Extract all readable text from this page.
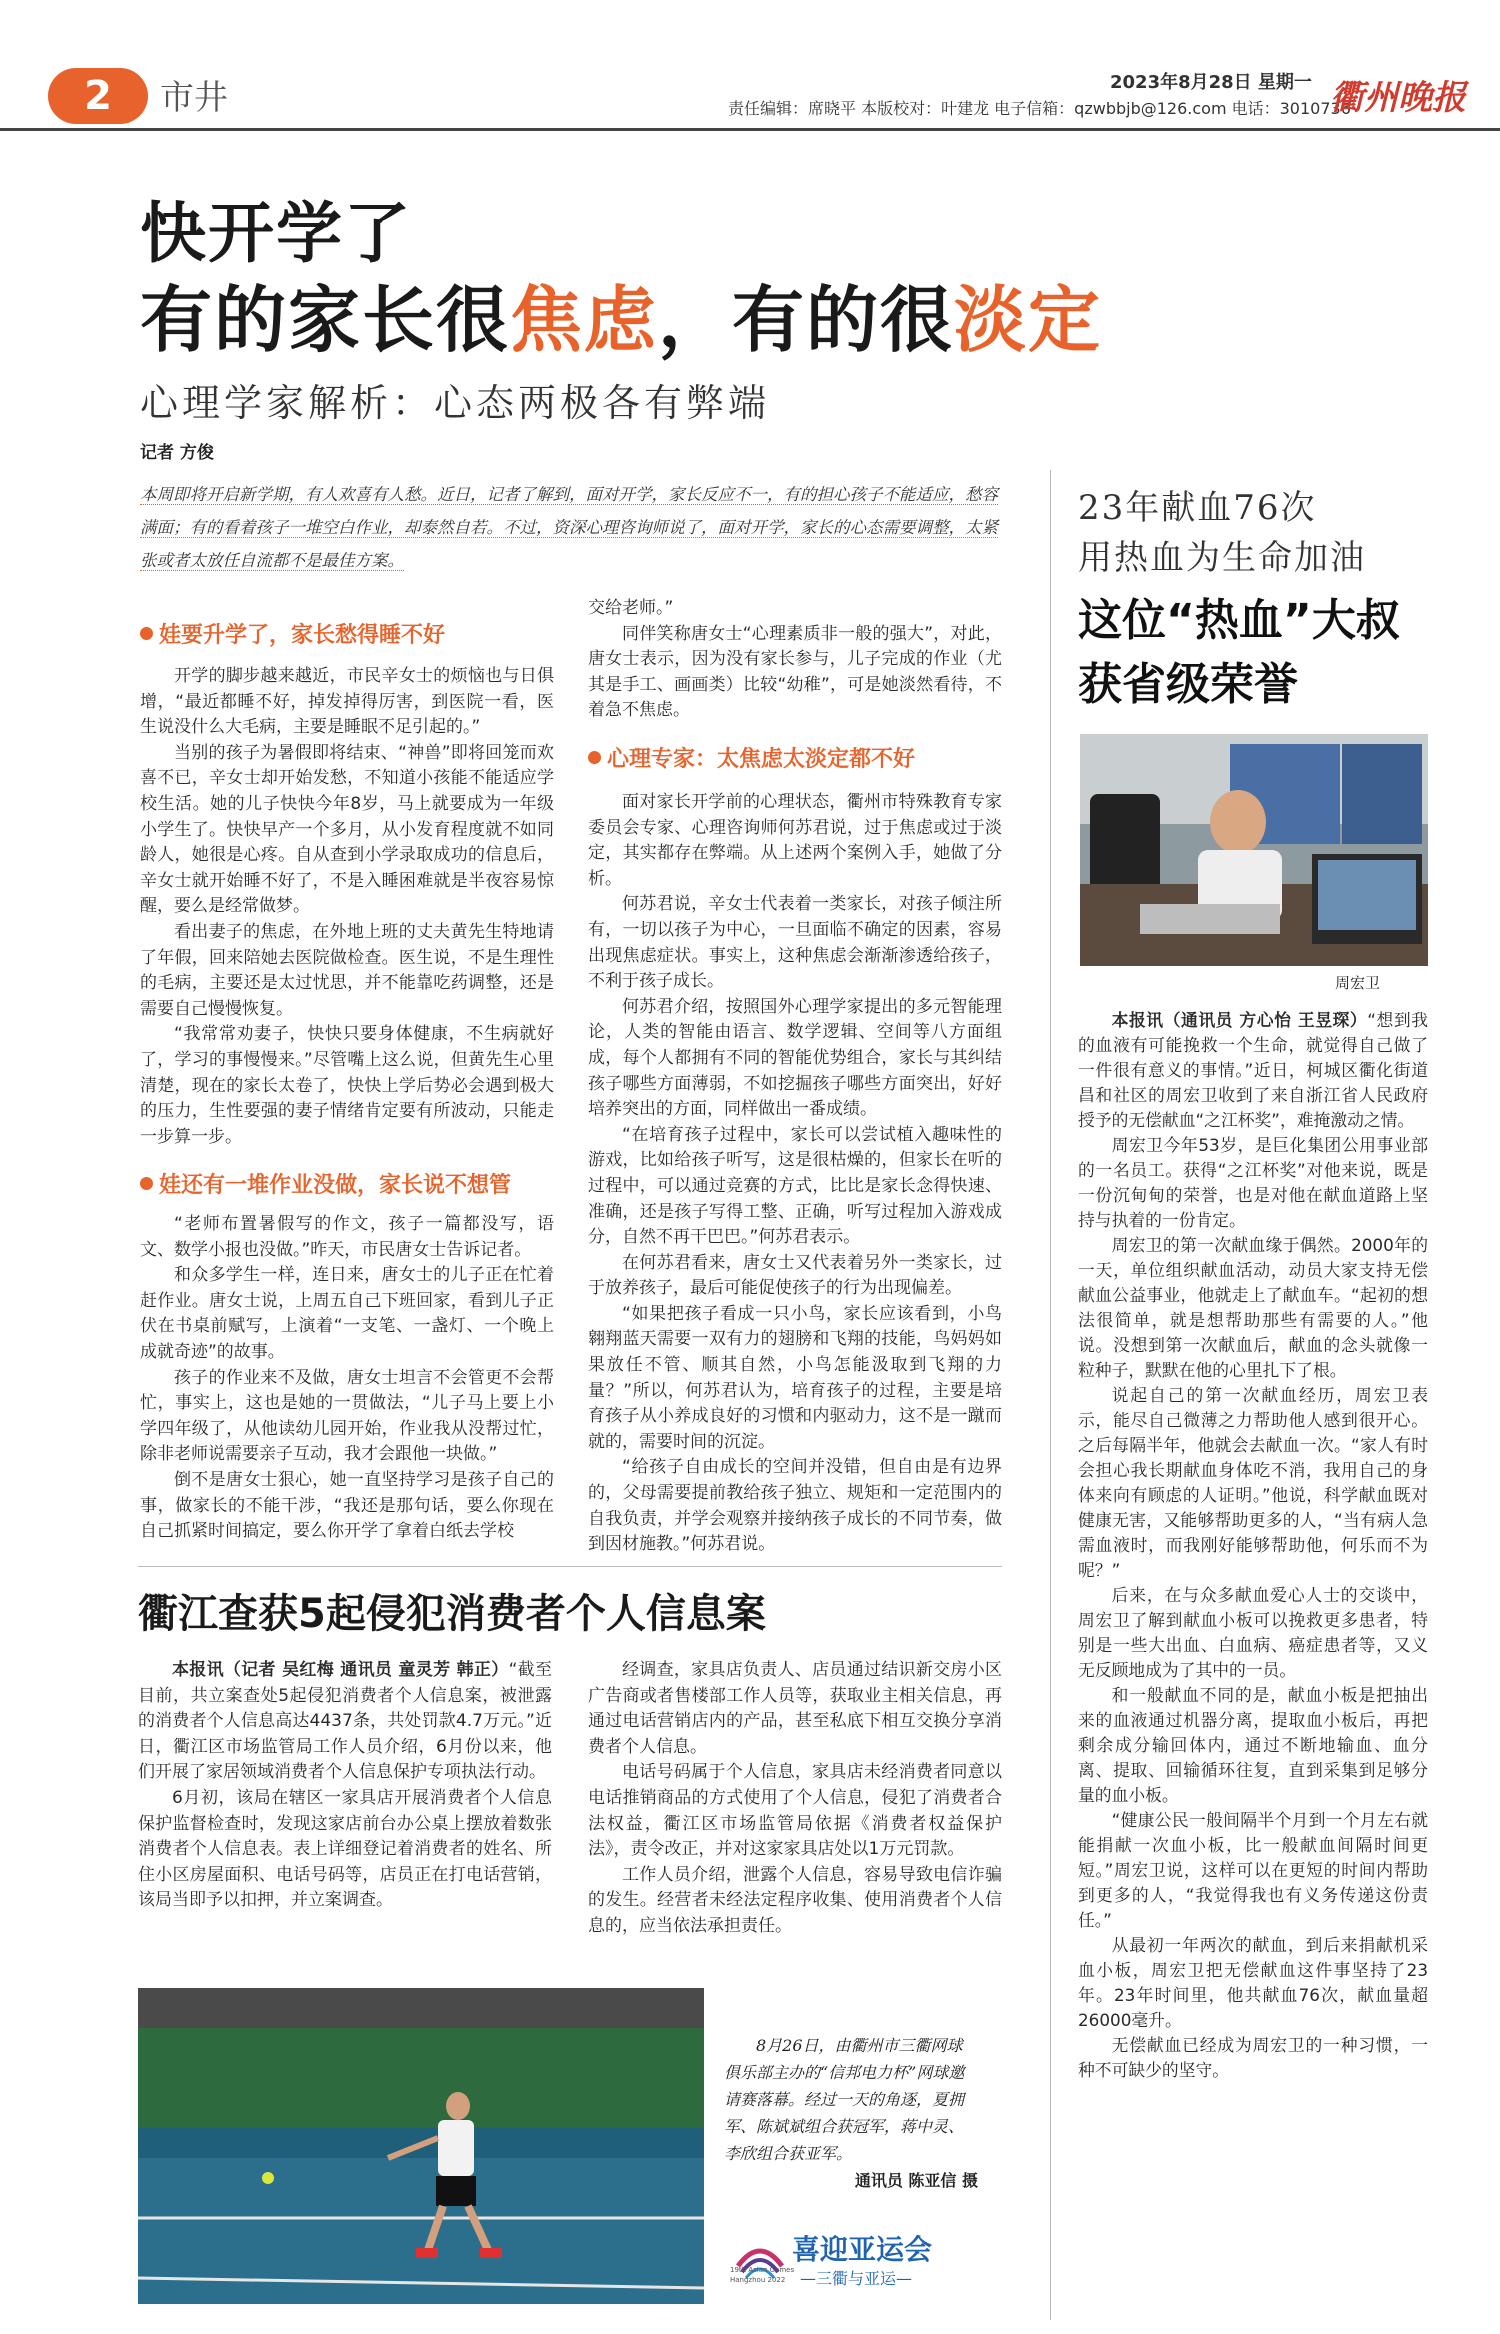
2	市井	2023年8月28日 星期一
责任编辑：席晓平 本版校对：叶建龙 电子信箱：qzwbbjb@126.com 电话：3010736
衢州晚报
快开学了
有的家长很焦虑，有的很淡定
心理学家解析：心态两极各有弊端
记者 方俊
本周即将开启新学期，有人欢喜有人愁。近日，记者了解到，面对开学，家长反应不一，有的担心孩子不能适应，愁容满面；有的看着孩子一堆空白作业，却泰然自若。不过，资深心理咨询师说了，面对开学，家长的心态需要调整，太紧张或者太放任自流都不是最佳方案。
娃要升学了，家长愁得睡不好

开学的脚步越来越近，市民辛女士的烦恼也与日俱增，“最近都睡不好，掉发掉得厉害，到医院一看，医生说没什么大毛病，主要是睡眠不足引起的。”

当别的孩子为暑假即将结束、“神兽”即将回笼而欢喜不已，辛女士却开始发愁，不知道小孩能不能适应学校生活。她的儿子快快今年8岁，马上就要成为一年级小学生了。快快早产一个多月，从小发育程度就不如同龄人，她很是心疼。自从查到小学录取成功的信息后，辛女士就开始睡不好了，不是入睡困难就是半夜容易惊醒，要么是经常做梦。

看出妻子的焦虑，在外地上班的丈夫黄先生特地请了年假，回来陪她去医院做检查。医生说，不是生理性的毛病，主要还是太过忧思，并不能靠吃药调整，还是需要自己慢慢恢复。

“我常常劝妻子，快快只要身体健康，不生病就好了，学习的事慢慢来。”尽管嘴上这么说，但黄先生心里清楚，现在的家长太卷了，快快上学后势必会遇到极大的压力，生性要强的妻子情绪肯定要有所波动，只能走一步算一步。

娃还有一堆作业没做，家长说不想管

“老师布置暑假写的作文，孩子一篇都没写，语文、数学小报也没做。”昨天，市民唐女士告诉记者。

和众多学生一样，连日来，唐女士的儿子正在忙着赶作业。唐女士说，上周五自己下班回家，看到儿子正伏在书桌前赋写，上演着“一支笔、一盏灯、一个晚上成就奇迹”的故事。

孩子的作业来不及做，唐女士坦言不会管更不会帮忙，事实上，这也是她的一贯做法，“儿子马上要上小学四年级了，从他读幼儿园开始，作业我从没帮过忙，除非老师说需要亲子互动，我才会跟他一块做。”

倒不是唐女士狠心，她一直坚持学习是孩子自己的事，做家长的不能干涉，“我还是那句话，要么你现在自己抓紧时间搞定，要么你开学了拿着白纸去学校

交给老师。”

同伴笑称唐女士“心理素质非一般的强大”，对此，唐女士表示，因为没有家长参与，儿子完成的作业（尤其是手工、画画类）比较“幼稚”，可是她淡然看待，不着急不焦虑。

心理专家：太焦虑太淡定都不好

面对家长开学前的心理状态，衢州市特殊教育专家委员会专家、心理咨询师何苏君说，过于焦虑或过于淡定，其实都存在弊端。从上述两个案例入手，她做了分析。

何苏君说，辛女士代表着一类家长，对孩子倾注所有，一切以孩子为中心，一旦面临不确定的因素，容易出现焦虑症状。事实上，这种焦虑会渐渐渗透给孩子，不利于孩子成长。

何苏君介绍，按照国外心理学家提出的多元智能理论，人类的智能由语言、数学逻辑、空间等八方面组成，每个人都拥有不同的智能优势组合，家长与其纠结孩子哪些方面薄弱，不如挖掘孩子哪些方面突出，好好培养突出的方面，同样做出一番成绩。

“在培育孩子过程中，家长可以尝试植入趣味性的游戏，比如给孩子听写，这是很枯燥的，但家长在听的过程中，可以通过竞赛的方式，比比是家长念得快速、准确，还是孩子写得工整、正确，听写过程加入游戏成分，自然不再干巴巴。”何苏君表示。

在何苏君看来，唐女士又代表着另外一类家长，过于放养孩子，最后可能促使孩子的行为出现偏差。

“如果把孩子看成一只小鸟，家长应该看到，小鸟翱翔蓝天需要一双有力的翅膀和飞翔的技能，鸟妈妈如果放任不管、顺其自然，小鸟怎能汲取到飞翔的力量？”所以，何苏君认为，培育孩子的过程，主要是培育孩子从小养成良好的习惯和内驱动力，这不是一蹴而就的，需要时间的沉淀。

“给孩子自由成长的空间并没错，但自由是有边界的，父母需要提前教给孩子独立、规矩和一定范围内的自我负责，并学会观察并接纳孩子成长的不同节奏，做到因材施教。”何苏君说。

23年献血76次
用热血为生命加油
这位“热血”大叔
获省级荣誉
周宏卫

本报讯（通讯员 方心怡 王昱琛）“想到我的血液有可能挽救一个生命，就觉得自己做了一件很有意义的事情。”近日，柯城区衢化街道昌和社区的周宏卫收到了来自浙江省人民政府授予的无偿献血“之江杯奖”，难掩激动之情。

周宏卫今年53岁，是巨化集团公用事业部的一名员工。获得“之江杯奖”对他来说，既是一份沉甸甸的荣誉，也是对他在献血道路上坚持与执着的一份肯定。

周宏卫的第一次献血缘于偶然。2000年的一天，单位组织献血活动，动员大家支持无偿献血公益事业，他就走上了献血车。“起初的想法很简单，就是想帮助那些有需要的人。”他说。没想到第一次献血后，献血的念头就像一粒种子，默默在他的心里扎下了根。

说起自己的第一次献血经历，周宏卫表示，能尽自己微薄之力帮助他人感到很开心。之后每隔半年，他就会去献血一次。“家人有时会担心我长期献血身体吃不消，我用自己的身体来向有顾虑的人证明。”他说，科学献血既对健康无害，又能够帮助更多的人，“当有病人急需血液时，而我刚好能够帮助他，何乐而不为呢？”

后来，在与众多献血爱心人士的交谈中，周宏卫了解到献血小板可以挽救更多患者，特别是一些大出血、白血病、癌症患者等，又义无反顾地成为了其中的一员。

和一般献血不同的是，献血小板是把抽出来的血液通过机器分离，提取血小板后，再把剩余成分输回体内，通过不断地输血、血分离、提取、回输循环往复，直到采集到足够分量的血小板。

“健康公民一般间隔半个月到一个月左右就能捐献一次血小板，比一般献血间隔时间更短。”周宏卫说，这样可以在更短的时间内帮助到更多的人，“我觉得我也有义务传递这份责任。”

从最初一年两次的献血，到后来捐献机采血小板，周宏卫把无偿献血这件事坚持了23年。23年时间里，他共献血76次，献血量超26000毫升。

无偿献血已经成为周宏卫的一种习惯，一种不可缺少的坚守。

衢江查获5起侵犯消费者个人信息案

本报讯（记者 吴红梅 通讯员 童灵芳 韩正）“截至目前，共立案查处5起侵犯消费者个人信息案，被泄露的消费者个人信息高达4437条，共处罚款4.7万元。”近日，衢江区市场监管局工作人员介绍，6月份以来，他们开展了家居领域消费者个人信息保护专项执法行动。

6月初，该局在辖区一家具店开展消费者个人信息保护监督检查时，发现这家店前台办公桌上摆放着数张消费者个人信息表。表上详细登记着消费者的姓名、所住小区房屋面积、电话号码等，店员正在打电话营销，该局当即予以扣押，并立案调查。

经调查，家具店负责人、店员通过结识新交房小区广告商或者售楼部工作人员等，获取业主相关信息，再通过电话营销店内的产品，甚至私底下相互交换分享消费者个人信息。

电话号码属于个人信息，家具店未经消费者同意以电话推销商品的方式使用了个人信息，侵犯了消费者合法权益，衢江区市场监管局依据《消费者权益保护法》，责令改正，并对这家家具店处以1万元罚款。

工作人员介绍，泄露个人信息，容易导致电信诈骗的发生。经营者未经法定程序收集、使用消费者个人信息的，应当依法承担责任。

8月26日，由衢州市三衢网球俱乐部主办的“信邦电力杯”网球邀请赛落幕。经过一天的角逐，夏拥军、陈斌斌组合获冠军，蒋中灵、李欣组合获亚军。

通讯员 陈亚信 摄
19th Asian Games
Hangzhou 2022
喜迎亚运会
—三衢与亚运—
